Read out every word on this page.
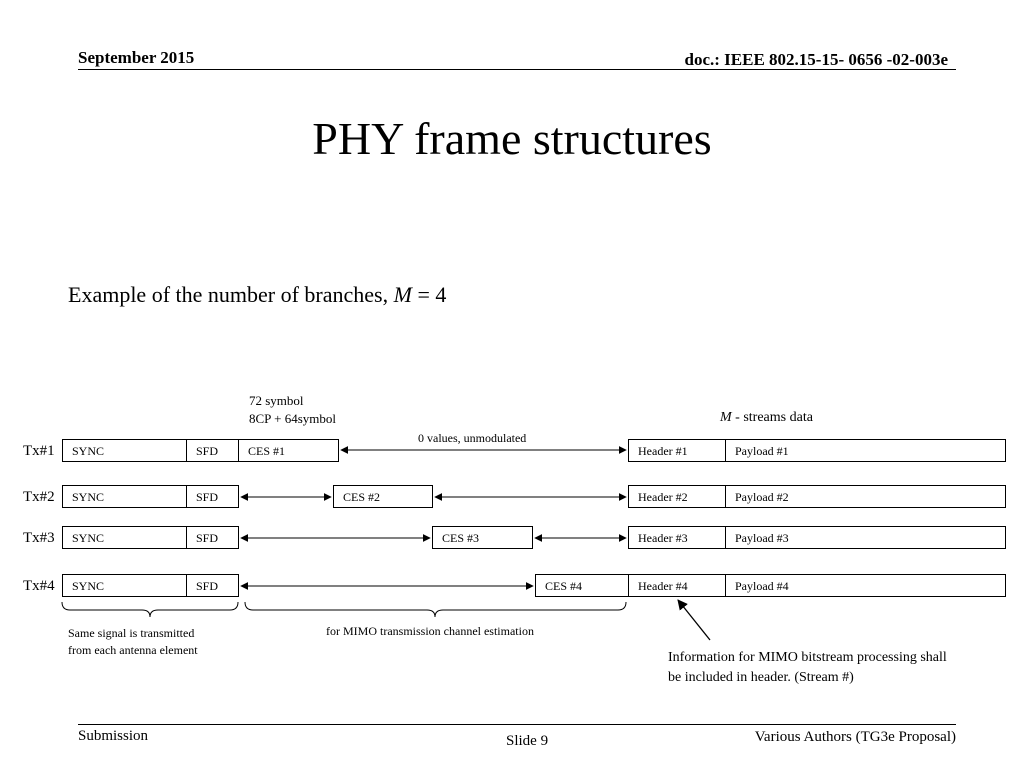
September 2015	doc.: IEEE 802.15-15- 0656 -02-003e
PHY frame structures
Example of the number of branches, M = 4
72 symbol
8CP + 64symbol	M - streams data
0 values, unmodulated
Tx#1	SYNC	SFD	CES #1	Header #1	Payload #1
Tx#2	SYNC	SFD	CES #2	Header #2	Payload #2
Tx#3	SYNC	SFD	CES #3	Header #3	Payload #3
Tx#4	SYNC	SFD	CES #4	Header #4	Payload #4
Same signal is transmitted
from each antenna element
for MIMO transmission channel estimation
Information for MIMO bitstream processing shall be included in header. (Stream #)
Submission	Slide 9	Various Authors (TG3e Proposal)
